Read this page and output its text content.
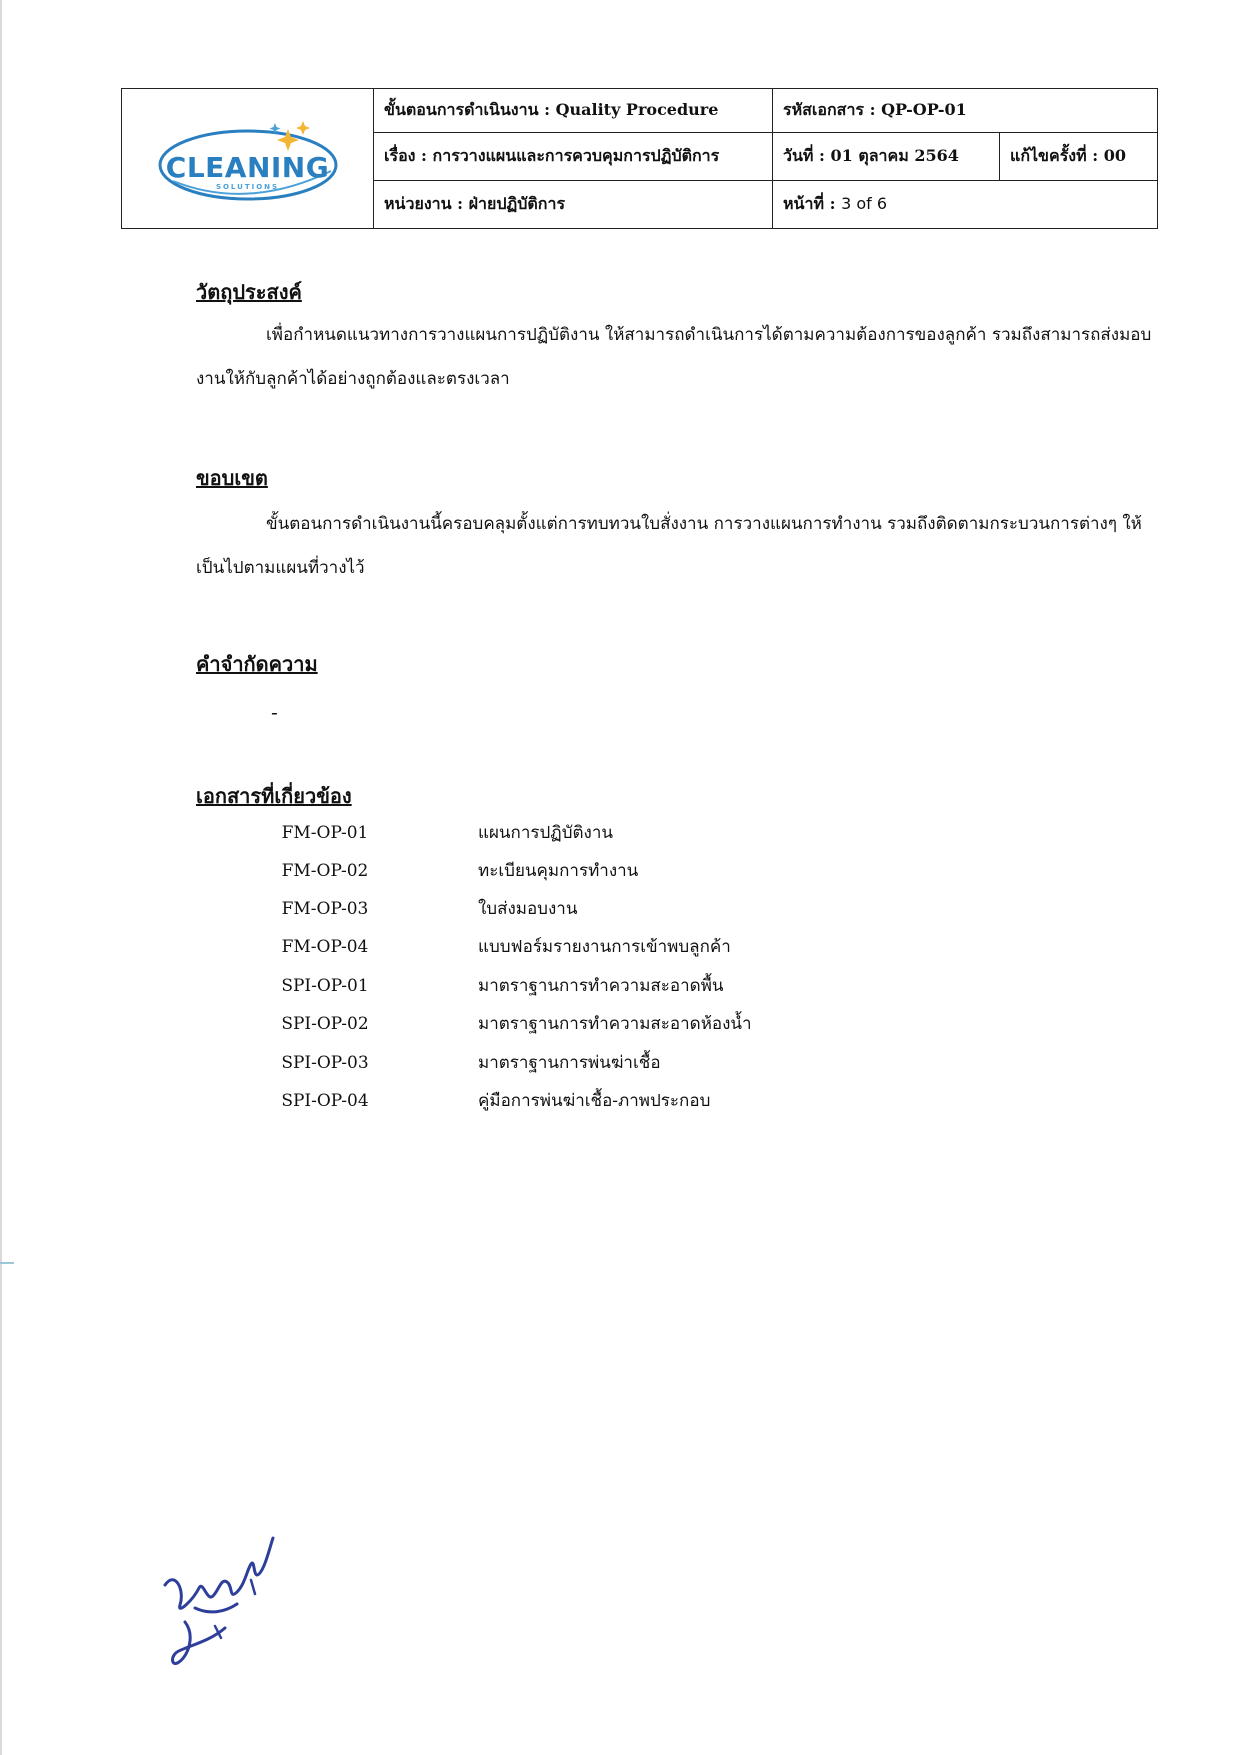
CLEANING
SOLUTIONS	ขั้นตอนการดำเนินงาน : Quality Procedure	รหัสเอกสาร : QP-OP-01	
	เรื่อง : การวางแผนและการควบคุมการปฏิบัติการ	วันที่ : 01 ตุลาคม 2564	แก้ไขครั้งที่ : 00
	หน่วยงาน : ฝ่ายปฏิบัติการ	หน้าที่ : 3 of 6	
วัตถุประสงค์
เพื่อกำหนดแนวทางการวางแผนการปฏิบัติงาน ให้สามารถดำเนินการได้ตามความต้องการของลูกค้า รวมถึงสามารถส่งมอบงานให้กับลูกค้าได้อย่างถูกต้องและตรงเวลา
ขอบเขต
ขั้นตอนการดำเนินงานนี้ครอบคลุมตั้งแต่การทบทวนใบสั่งงาน การวางแผนการทำงาน รวมถึงติดตามกระบวนการต่างๆ ให้เป็นไปตามแผนที่วางไว้
คำจำกัดความ
-
เอกสารที่เกี่ยวข้อง
FM-OP-01	แผนการปฏิบัติงาน
FM-OP-02	ทะเบียนคุมการทำงาน
FM-OP-03	ใบส่งมอบงาน
FM-OP-04	แบบฟอร์มรายงานการเข้าพบลูกค้า
SPI-OP-01	มาตราฐานการทำความสะอาดพื้น
SPI-OP-02	มาตราฐานการทำความสะอาดห้องน้ำ
SPI-OP-03	มาตราฐานการพ่นฆ่าเชื้อ
SPI-OP-04	คู่มือการพ่นฆ่าเชื้อ-ภาพประกอบ
